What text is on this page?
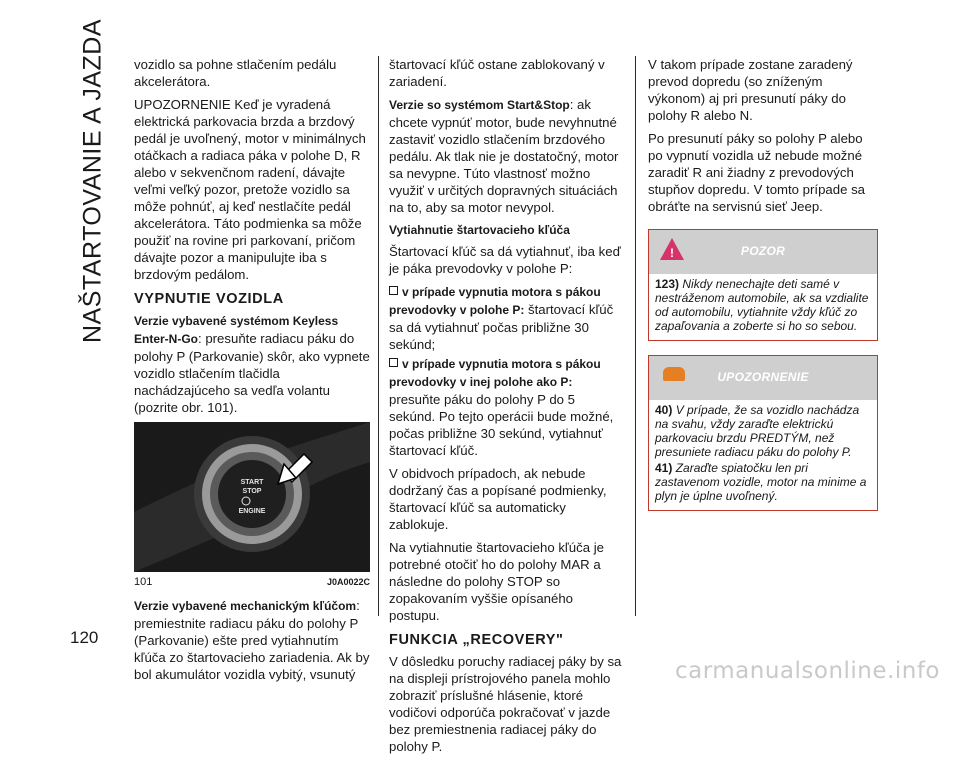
NAŠTARTOVANIE A JAZDA
120

vozidlo sa pohne stlačením pedálu akcelerátora.

UPOZORNENIE Keď je vyradená elektrická parkovacia brzda a brzdový pedál je uvoľnený, motor v minimálnych otáčkach a radiaca páka v polohe D, R alebo v sekvenčnom radení, dávajte veľmi veľký pozor, pretože vozidlo sa môže pohnúť, aj keď nestlačíte pedál akcelerátora. Táto podmienka sa môže použiť na rovine pri parkovaní, pričom dávajte pozor a manipulujte iba s brzdovým pedálom.

VYPNUTIE VOZIDLA

Verzie vybavené systémom Keyless Enter-N-Go: presuňte radiacu páku do polohy P (Parkovanie) skôr, ako vypnete vozidlo stlačením tlačidla nachádzajúceho sa vedľa volantu (pozrite obr. 101).

START
STOP
ENGINE
101	J0A0022C

Verzie vybavené mechanickým kľúčom: premiestnite radiacu páku do polohy P (Parkovanie) ešte pred vytiahnutím kľúča zo štartovacieho zariadenia. Ak by bol akumulátor vozidla vybitý, vsunutý

štartovací kľúč ostane zablokovaný v zariadení.

Verzie so systémom Start&Stop: ak chcete vypnúť motor, bude nevyhnutné zastaviť vozidlo stlačením brzdového pedálu. Ak tlak nie je dostatočný, motor sa nevypne. Túto vlastnosť možno využiť v určitých dopravných situáciách na to, aby sa motor nevypol.

Vytiahnutie štartovacieho kľúča

Štartovací kľúč sa dá vytiahnuť, iba keď je páka prevodovky v polohe P:

v prípade vypnutia motora s pákou prevodovky v polohe P: štartovací kľúč sa dá vytiahnuť počas približne 30 sekúnd;

v prípade vypnutia motora s pákou prevodovky v inej polohe ako P: presuňte páku do polohy P do 5 sekúnd. Po tejto operácii bude možné, počas približne 30 sekúnd, vytiahnuť štartovací kľúč.

V obidvoch prípadoch, ak nebude dodržaný čas a popísané podmienky, štartovací kľúč sa automaticky zablokuje.

Na vytiahnutie štartovacieho kľúča je potrebné otočiť ho do polohy MAR a následne do polohy STOP so zopakovaním vyššie opísaného postupu.

FUNKCIA „RECOVERY"

V dôsledku poruchy radiacej páky by sa na displeji prístrojového panela mohlo zobraziť príslušné hlásenie, ktoré vodičovi odporúča pokračovať v jazde bez premiestnenia radiacej páky do polohy P.

V takom prípade zostane zaradený prevod dopredu (so zníženým výkonom) aj pri presunutí páky do polohy R alebo N.

Po presunutí páky so polohy P alebo po vypnutí vozidla už nebude možné zaradiť R ani žiadny z prevodových stupňov dopredu. V tomto prípade sa obráťte na servisnú sieť Jeep.

!	POZOR

123) Nikdy nenechajte deti samé v nestráženom automobile, ak sa vzdialite od automobilu, vytiahnite vždy kľúč zo zapaľovania a zoberte si ho so sebou.

UPOZORNENIE

40) V prípade, že sa vozidlo nachádza na svahu, vždy zaraďte elektrickú parkovaciu brzdu PREDTÝM, než presuniete radiacu páku do polohy P.

41) Zaraďte spiatočku len pri zastavenom vozidle, motor na minime a plyn je úplne uvoľnený.

carmanualsonline.info
